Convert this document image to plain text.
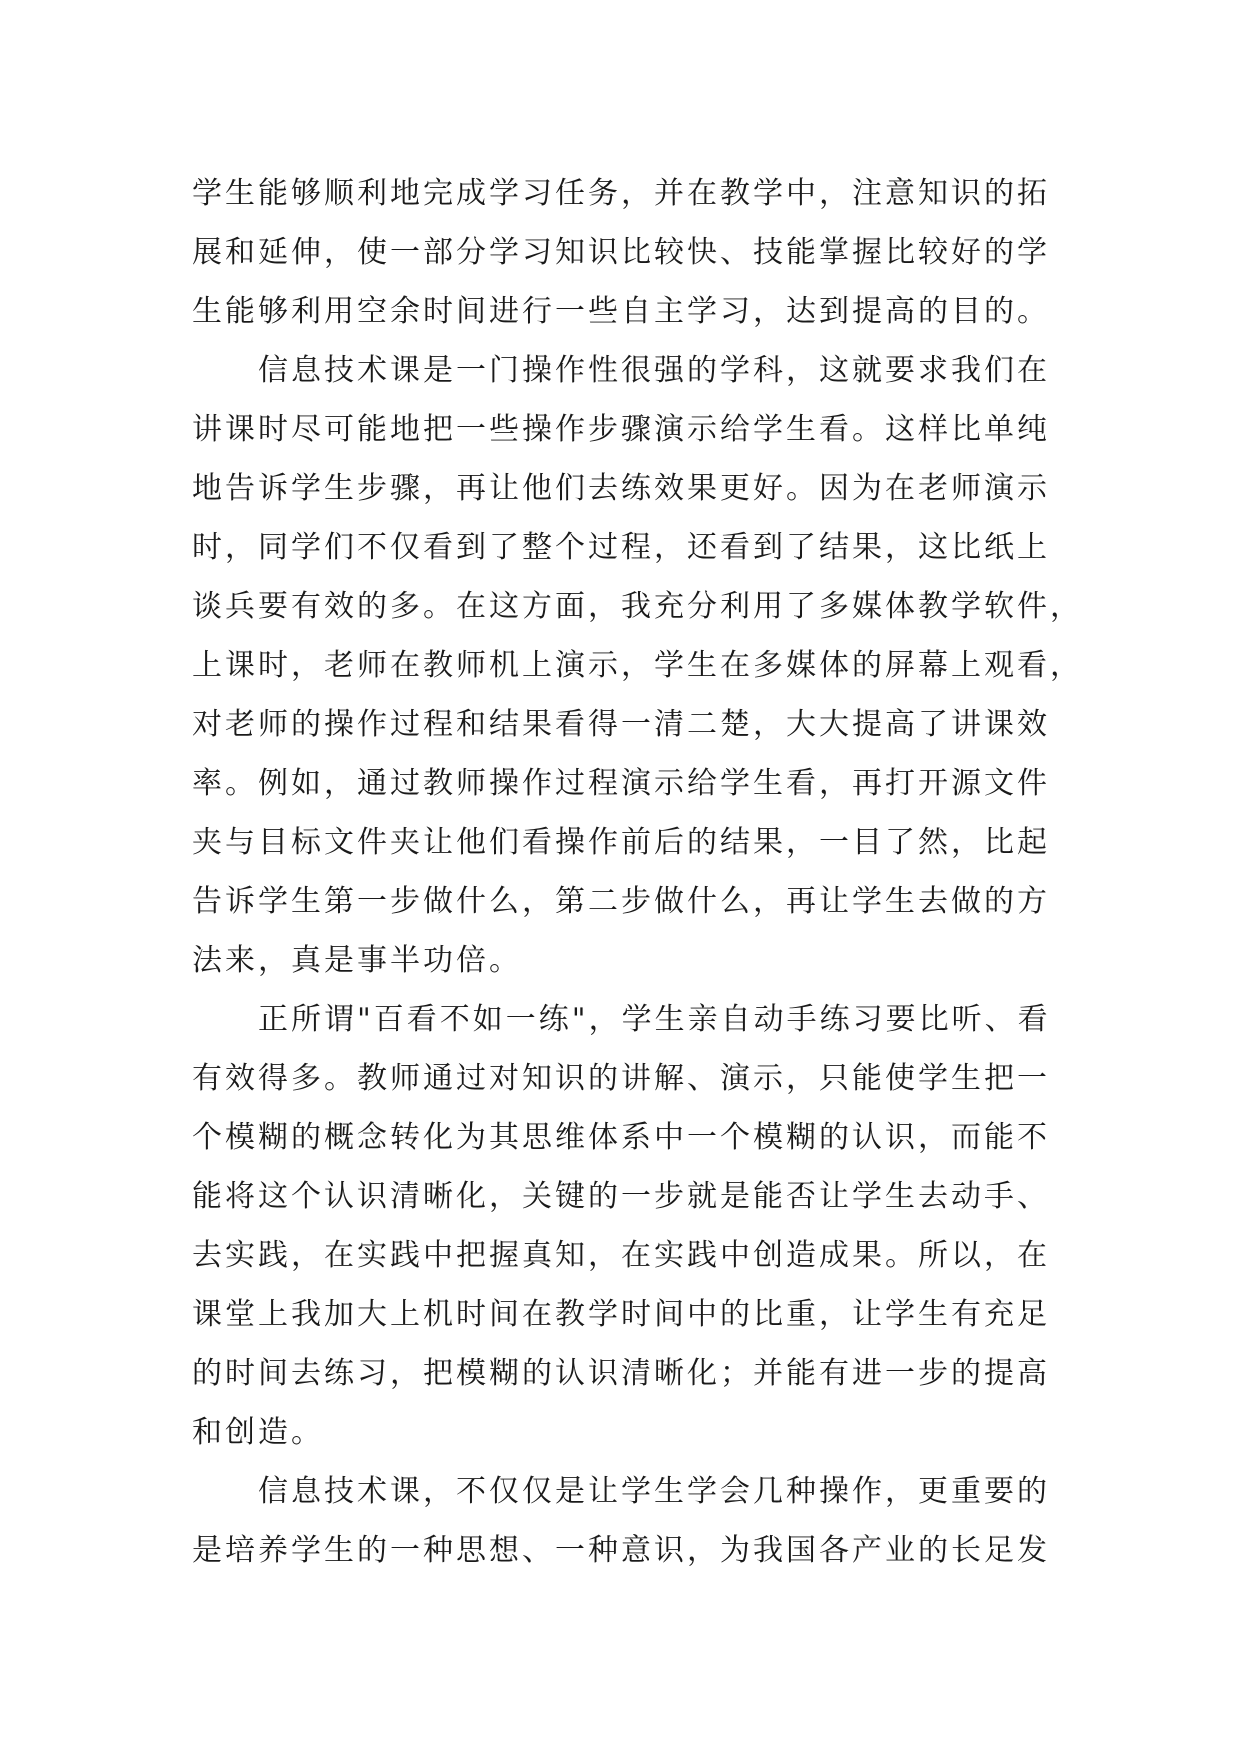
学生能够顺利地完成学习任务，并在教学中，注意知识的拓
展和延伸，使一部分学习知识比较快、技能掌握比较好的学
生能够利用空余时间进行一些自主学习，达到提高的目的。
信息技术课是一门操作性很强的学科，这就要求我们在
讲课时尽可能地把一些操作步骤演示给学生看。这样比单纯
地告诉学生步骤，再让他们去练效果更好。因为在老师演示
时，同学们不仅看到了整个过程，还看到了结果，这比纸上
谈兵要有效的多。在这方面，我充分利用了多媒体教学软件，
上课时，老师在教师机上演示，学生在多媒体的屏幕上观看，
对老师的操作过程和结果看得一清二楚，大大提高了讲课效
率。例如，通过教师操作过程演示给学生看，再打开源文件
夹与目标文件夹让他们看操作前后的结果，一目了然，比起
告诉学生第一步做什么，第二步做什么，再让学生去做的方
法来，真是事半功倍。
正所谓"百看不如一练"，学生亲自动手练习要比听、看
有效得多。教师通过对知识的讲解、演示，只能使学生把一
个模糊的概念转化为其思维体系中一个模糊的认识，而能不
能将这个认识清晰化，关键的一步就是能否让学生去动手、
去实践，在实践中把握真知，在实践中创造成果。所以，在
课堂上我加大上机时间在教学时间中的比重，让学生有充足
的时间去练习，把模糊的认识清晰化；并能有进一步的提高
和创造。
信息技术课，不仅仅是让学生学会几种操作，更重要的
是培养学生的一种思想、一种意识，为我国各产业的长足发
